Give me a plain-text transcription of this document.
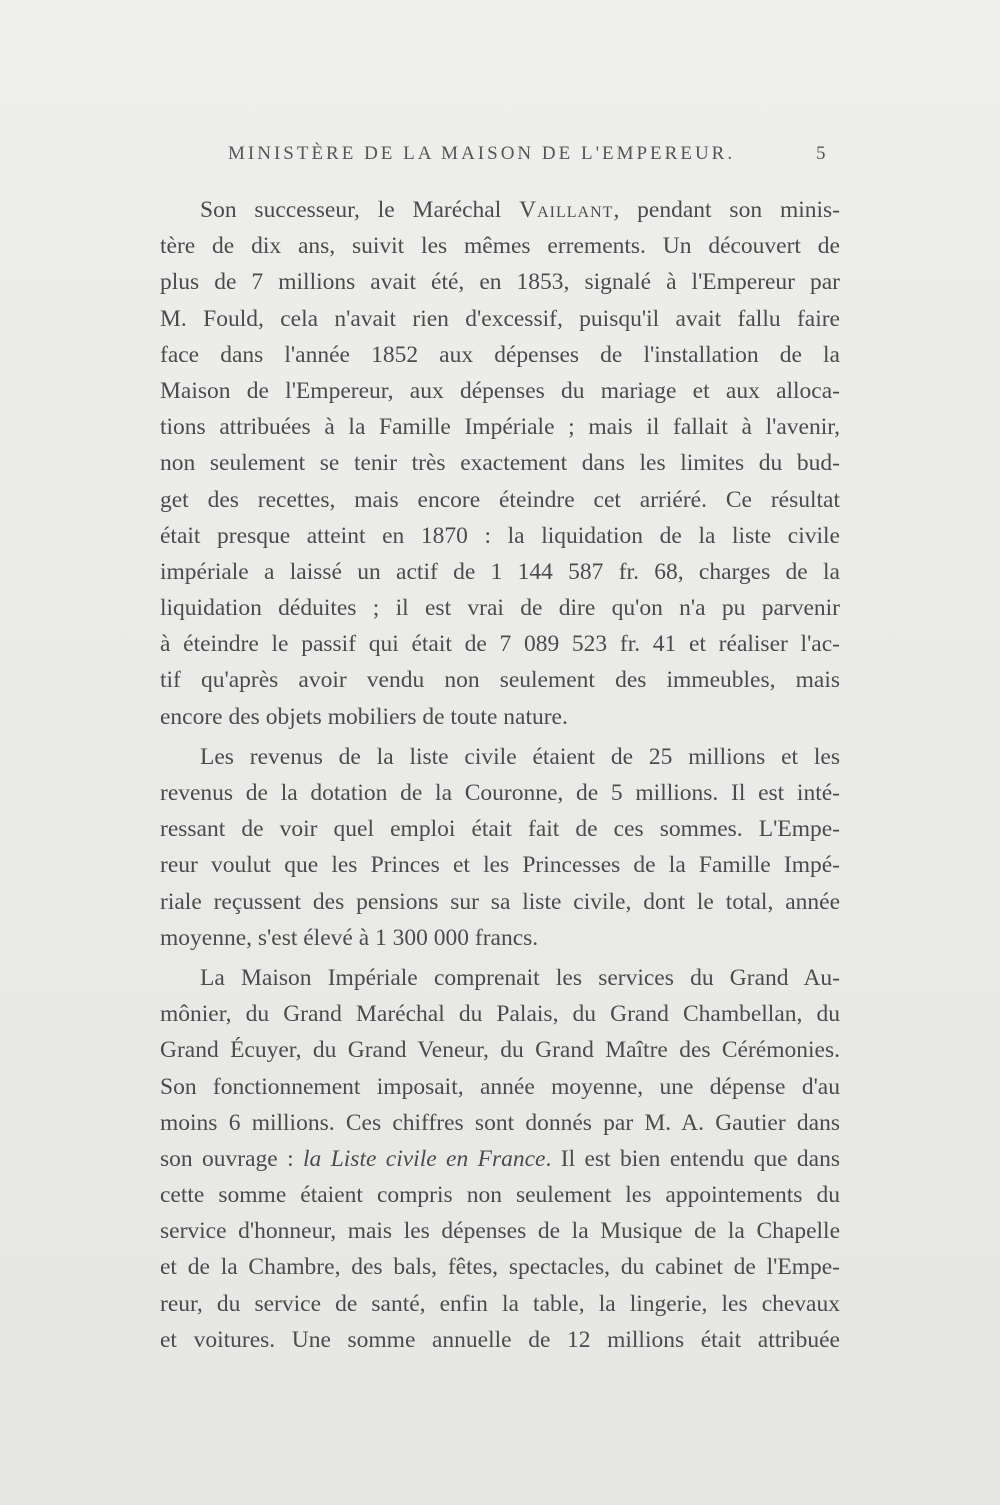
MINISTÈRE DE LA MAISON DE L'EMPEREUR.	5
Son successeur, le Maréchal Vaillant, pendant son minis-
tère de dix ans, suivit les mêmes errements. Un découvert de
plus de 7 millions avait été, en 1853, signalé à l'Empereur par
M. Fould, cela n'avait rien d'excessif, puisqu'il avait fallu faire
face dans l'année 1852 aux dépenses de l'installation de la
Maison de l'Empereur, aux dépenses du mariage et aux alloca-
tions attribuées à la Famille Impériale ; mais il fallait à l'avenir,
non seulement se tenir très exactement dans les limites du bud-
get des recettes, mais encore éteindre cet arriéré. Ce résultat
était presque atteint en 1870 : la liquidation de la liste civile
impériale a laissé un actif de 1 144 587 fr. 68, charges de la
liquidation déduites ; il est vrai de dire qu'on n'a pu parvenir
à éteindre le passif qui était de 7 089 523 fr. 41 et réaliser l'ac-
tif qu'après avoir vendu non seulement des immeubles, mais
encore des objets mobiliers de toute nature.
Les revenus de la liste civile étaient de 25 millions et les
revenus de la dotation de la Couronne, de 5 millions. Il est inté-
ressant de voir quel emploi était fait de ces sommes. L'Empe-
reur voulut que les Princes et les Princesses de la Famille Impé-
riale reçussent des pensions sur sa liste civile, dont le total, année
moyenne, s'est élevé à 1 300 000 francs.
La Maison Impériale comprenait les services du Grand Au-
mônier, du Grand Maréchal du Palais, du Grand Chambellan, du
Grand Écuyer, du Grand Veneur, du Grand Maître des Cérémonies.
Son fonctionnement imposait, année moyenne, une dépense d'au
moins 6 millions. Ces chiffres sont donnés par M. A. Gautier dans
son ouvrage : la Liste civile en France. Il est bien entendu que dans
cette somme étaient compris non seulement les appointements du
service d'honneur, mais les dépenses de la Musique de la Chapelle
et de la Chambre, des bals, fêtes, spectacles, du cabinet de l'Empe-
reur, du service de santé, enfin la table, la lingerie, les chevaux
et voitures. Une somme annuelle de 12 millions était attribuée
